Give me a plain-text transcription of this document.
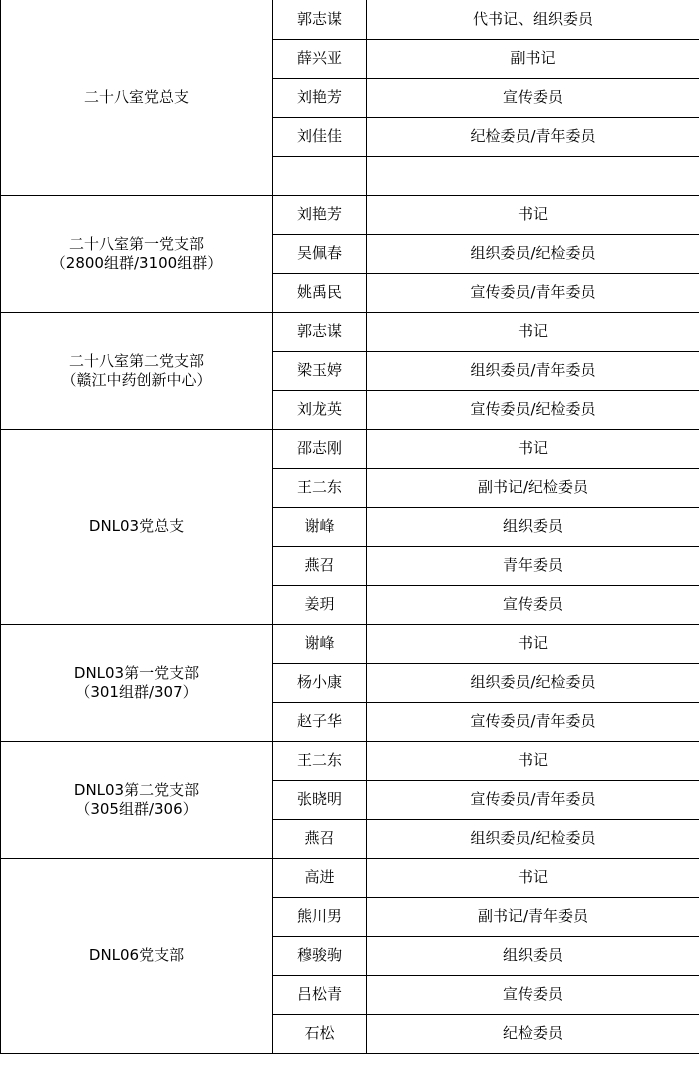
二十八室党总支	郭志谋	代书记、组织委员
	薛兴亚	副书记
	刘艳芳	宣传委员
	刘佳佳	纪检委员/青年委员

二十八室第一党支部
（2800组群/3100组群）	刘艳芳	书记
	吴佩春	组织委员/纪检委员
	姚禹民	宣传委员/青年委员

二十八室第二党支部
（赣江中药创新中心）	郭志谋	书记
	梁玉婷	组织委员/青年委员
	刘龙英	宣传委员/纪检委员

DNL03党总支	邵志刚	书记
	王二东	副书记/纪检委员
	谢峰	组织委员
	燕召	青年委员
	姜玥	宣传委员

DNL03第一党支部
（301组群/307）	谢峰	书记
	杨小康	组织委员/纪检委员
	赵子华	宣传委员/青年委员

DNL03第二党支部
（305组群/306）	王二东	书记
	张晓明	宣传委员/青年委员
	燕召	组织委员/纪检委员

DNL06党支部	高进	书记
	熊川男	副书记/青年委员
	穆骏驹	组织委员
	吕松青	宣传委员
	石松	纪检委员
